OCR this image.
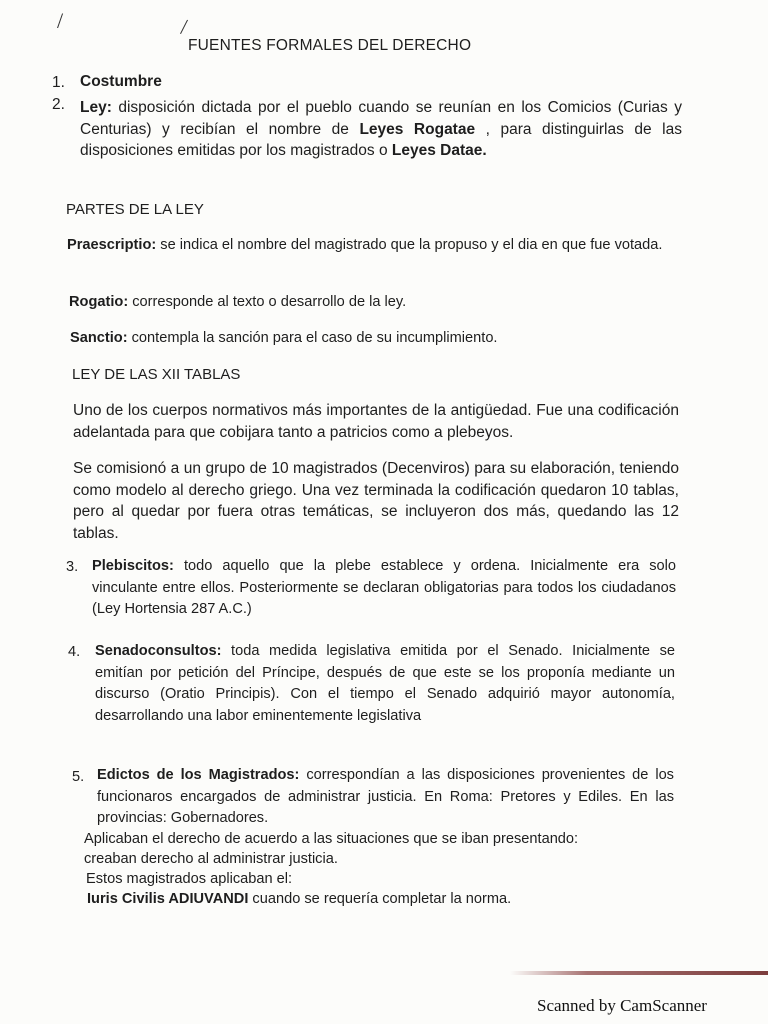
/	/
FUENTES FORMALES DEL DERECHO
1. Costumbre
2. Ley: disposición dictada por el pueblo cuando se reunían en los Comicios (Curias y Centurias) y recibían el nombre de Leyes Rogatae , para distinguirlas de las disposiciones emitidas por los magistrados o Leyes Datae.
PARTES DE LA LEY
Praescriptio: se indica el nombre del magistrado que la propuso y el dia en que fue votada.
Rogatio: corresponde al texto o desarrollo de la ley.
Sanctio: contempla la sanción para el caso de su incumplimiento.
LEY DE LAS XII TABLAS
Uno de los cuerpos normativos más importantes de la antigüedad. Fue una codificación adelantada para que cobijara tanto a patricios como a plebeyos.
Se comisionó a un grupo de 10 magistrados (Decenviros) para su elaboración, teniendo como modelo al derecho griego. Una vez terminada la codificación quedaron 10 tablas, pero al quedar por fuera otras temáticas, se incluyeron dos más, quedando las 12 tablas.
3. Plebiscitos: todo aquello que la plebe establece y ordena. Inicialmente era solo vinculante entre ellos. Posteriormente se declaran obligatorias para todos los ciudadanos (Ley Hortensia 287 A.C.)
4. Senadoconsultos: toda medida legislativa emitida por el Senado. Inicialmente se emitían por petición del Príncipe, después de que este se los proponía mediante un discurso (Oratio Principis). Con el tiempo el Senado adquirió mayor autonomía, desarrollando una labor eminentemente legislativa
5. Edictos de los Magistrados: correspondían a las disposiciones provenientes de los funcionaros encargados de administrar justicia. En Roma: Pretores y Ediles. En las provincias: Gobernadores.
Aplicaban el derecho de acuerdo a las situaciones que se iban presentando:
creaban derecho al administrar justicia.
Estos magistrados aplicaban el:
Iuris Civilis ADIUVANDI cuando se requería completar la norma.
Scanned by CamScanner
